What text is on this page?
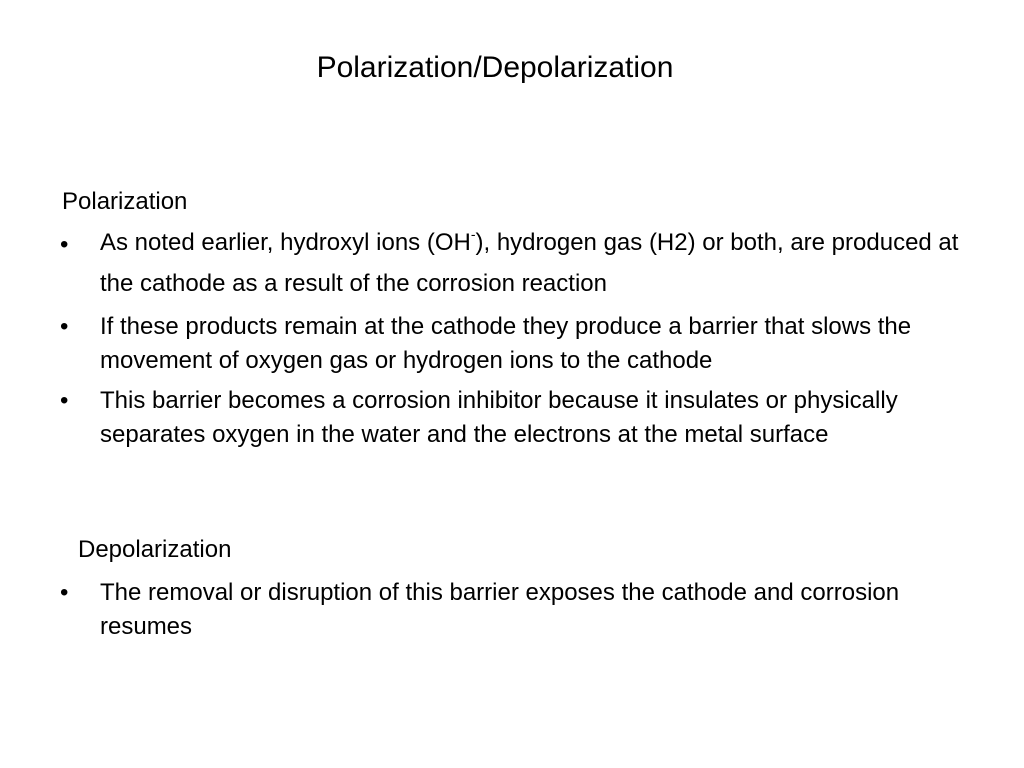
Polarization/Depolarization
Polarization
•	As noted earlier, hydroxyl ions (OH-), hydrogen gas (H2) or both, are produced at the cathode as a result of the corrosion reaction
•	If these products remain at the cathode they produce a barrier that slows the movement of oxygen gas or hydrogen ions to the cathode
•	This barrier becomes a corrosion inhibitor because it insulates or physically separates oxygen in the water and the electrons at the metal surface
Depolarization
•	The removal or disruption of this barrier exposes the cathode and corrosion resumes
